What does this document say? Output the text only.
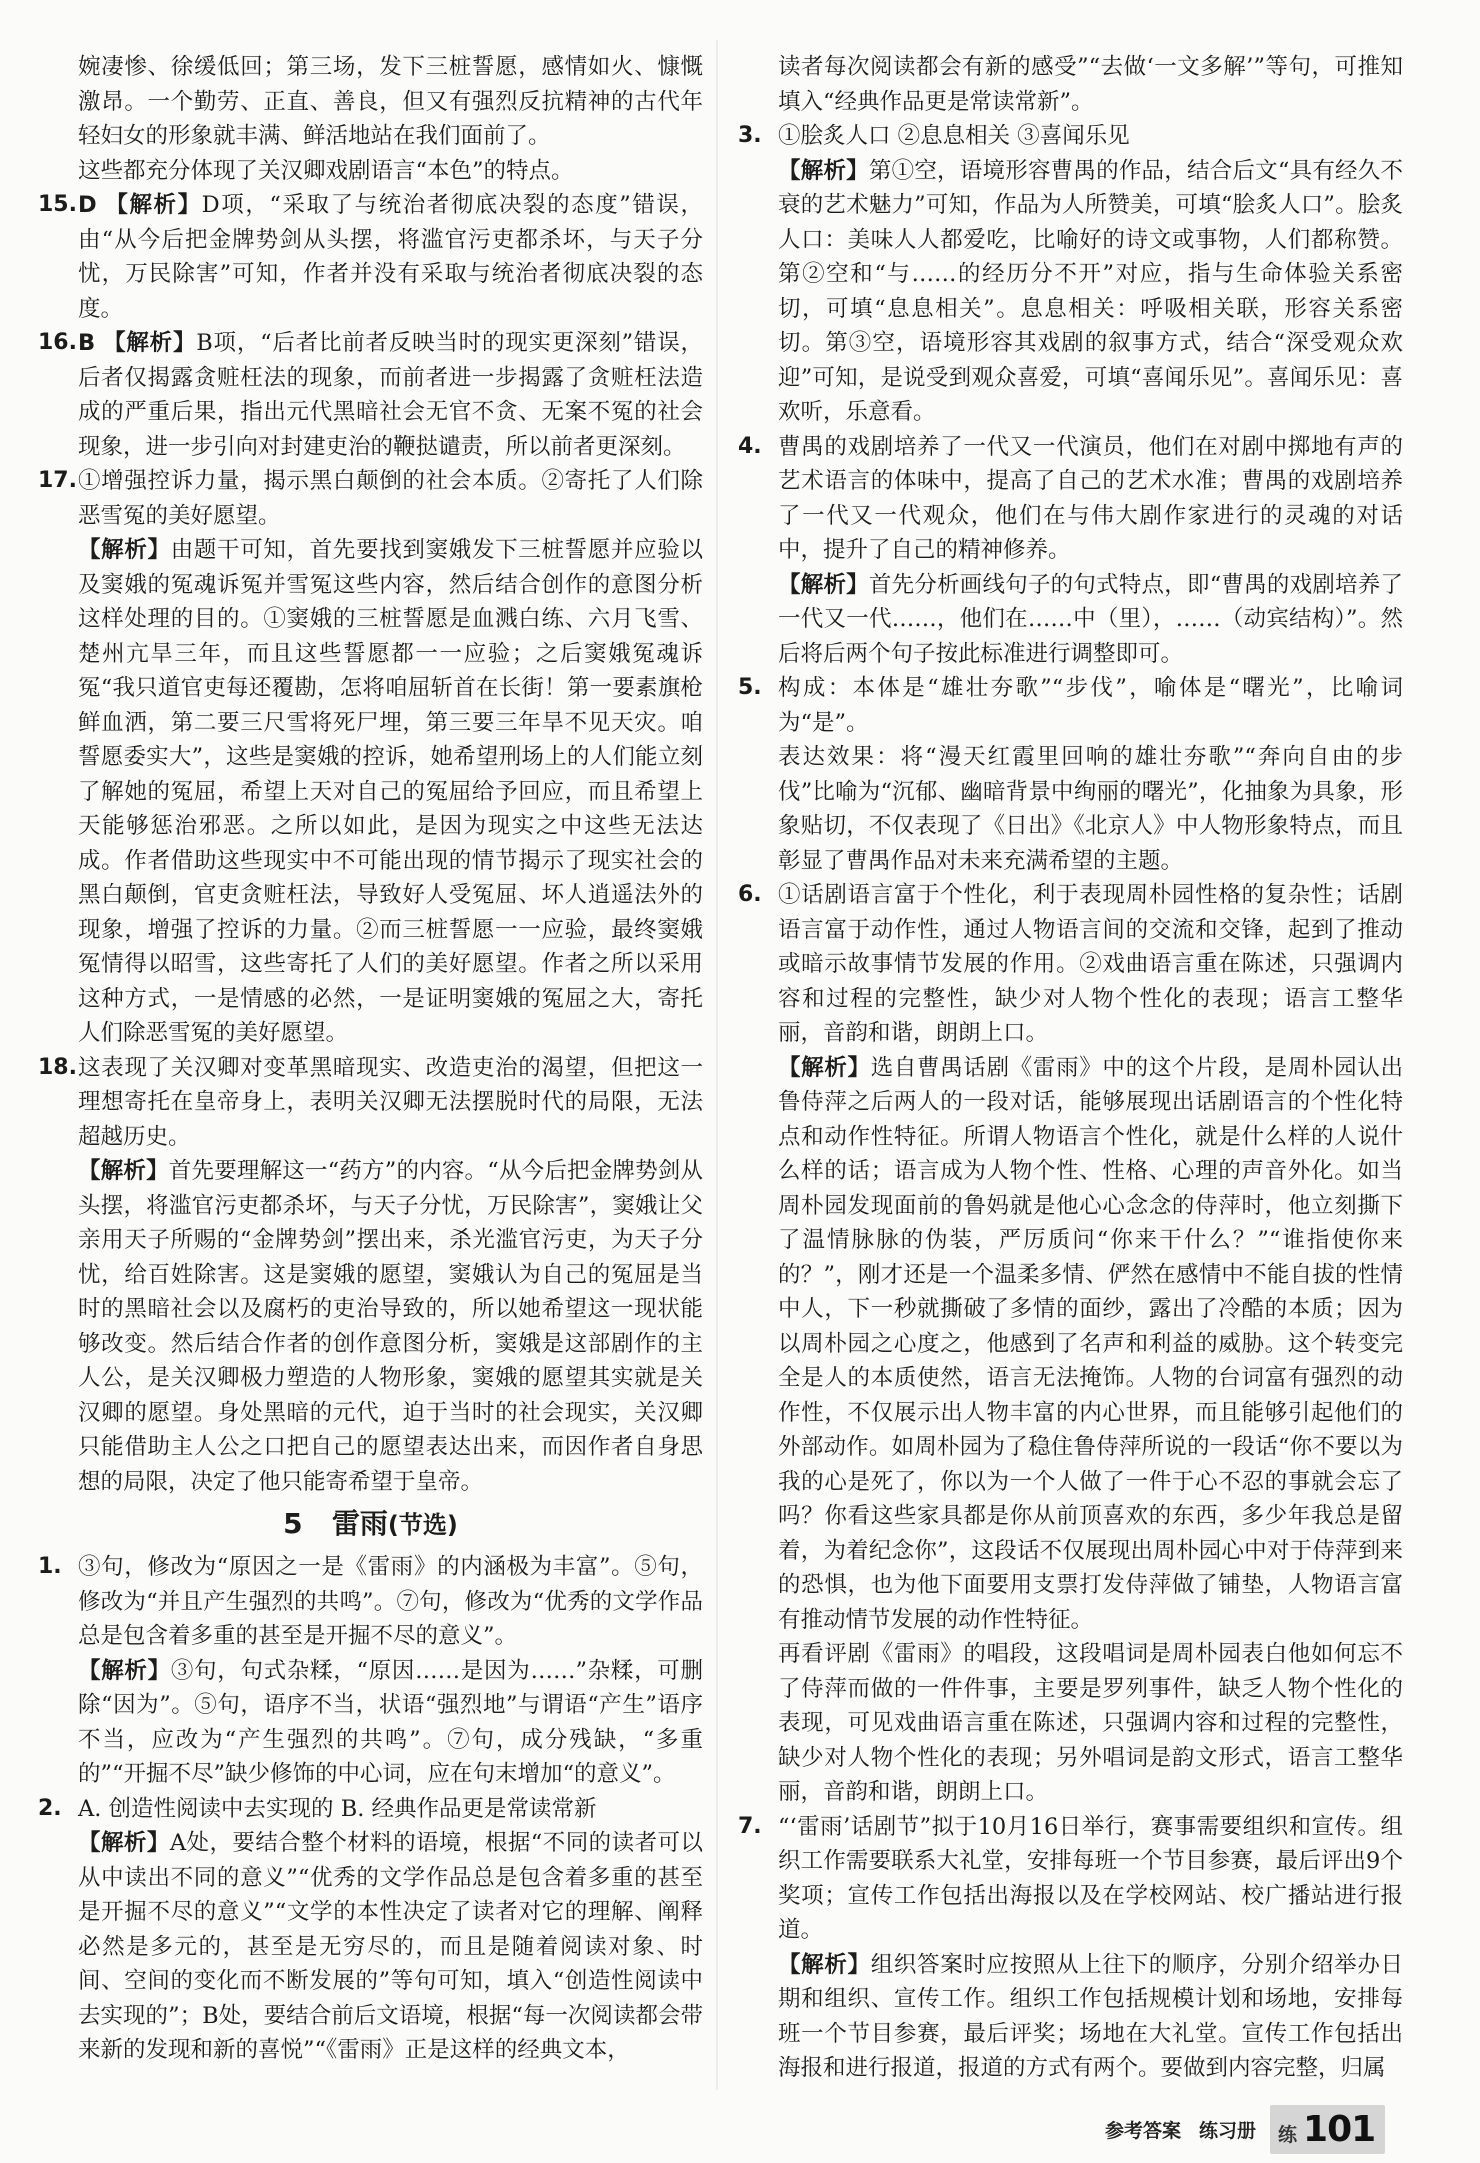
婉凄惨、徐缓低回；第三场，发下三桩誓愿，感情如火、慷慨激昂。一个勤劳、正直、善良，但又有强烈反抗精神的古代年轻妇女的形象就丰满、鲜活地站在我们面前了。

这些都充分体现了关汉卿戏剧语言“本色”的特点。

15. D 【解析】D项，“采取了与统治者彻底决裂的态度”错误，由“从今后把金牌势剑从头摆，将滥官污吏都杀坏，与天子分忧，万民除害”可知，作者并没有采取与统治者彻底决裂的态度。
16. B 【解析】B项，“后者比前者反映当时的现实更深刻”错误，后者仅揭露贪赃枉法的现象，而前者进一步揭露了贪赃枉法造成的严重后果，指出元代黑暗社会无官不贪、无案不冤的社会现象，进一步引向对封建吏治的鞭挞谴责，所以前者更深刻。
17. ①增强控诉力量，揭示黑白颠倒的社会本质。②寄托了人们除恶雪冤的美好愿望。

【解析】由题干可知，首先要找到窦娥发下三桩誓愿并应验以及窦娥的冤魂诉冤并雪冤这些内容，然后结合创作的意图分析这样处理的目的。①窦娥的三桩誓愿是血溅白练、六月飞雪、楚州亢旱三年，而且这些誓愿都一一应验；之后窦娥冤魂诉冤“我只道官吏每还覆勘，怎将咱屈斩首在长街！第一要素旗枪鲜血洒，第二要三尺雪将死尸埋，第三要三年旱不见天灾。咱誓愿委实大”，这些是窦娥的控诉，她希望刑场上的人们能立刻了解她的冤屈，希望上天对自己的冤屈给予回应，而且希望上天能够惩治邪恶。之所以如此，是因为现实之中这些无法达成。作者借助这些现实中不可能出现的情节揭示了现实社会的黑白颠倒，官吏贪赃枉法，导致好人受冤屈、坏人逍遥法外的现象，增强了控诉的力量。②而三桩誓愿一一应验，最终窦娥冤情得以昭雪，这些寄托了人们的美好愿望。作者之所以采用这种方式，一是情感的必然，一是证明窦娥的冤屈之大，寄托人们除恶雪冤的美好愿望。

18. 这表现了关汉卿对变革黑暗现实、改造吏治的渴望，但把这一理想寄托在皇帝身上，表明关汉卿无法摆脱时代的局限，无法超越历史。

【解析】首先要理解这一“药方”的内容。“从今后把金牌势剑从头摆，将滥官污吏都杀坏，与天子分忧，万民除害”，窦娥让父亲用天子所赐的“金牌势剑”摆出来，杀光滥官污吏，为天子分忧，给百姓除害。这是窦娥的愿望，窦娥认为自己的冤屈是当时的黑暗社会以及腐朽的吏治导致的，所以她希望这一现状能够改变。然后结合作者的创作意图分析，窦娥是这部剧作的主人公，是关汉卿极力塑造的人物形象，窦娥的愿望其实就是关汉卿的愿望。身处黑暗的元代，迫于当时的社会现实，关汉卿只能借助主人公之口把自己的愿望表达出来，而因作者自身思想的局限，决定了他只能寄希望于皇帝。

5 雷雨(节选)
1. ③句，修改为“原因之一是《雷雨》的内涵极为丰富”。⑤句，修改为“并且产生强烈的共鸣”。⑦句，修改为“优秀的文学作品总是包含着多重的甚至是开掘不尽的意义”。

【解析】③句，句式杂糅，“原因……是因为……”杂糅，可删除“因为”。⑤句，语序不当，状语“强烈地”与谓语“产生”语序不当，应改为“产生强烈的共鸣”。⑦句，成分残缺，“多重的”“开掘不尽”缺少修饰的中心词，应在句末增加“的意义”。

2. A. 创造性阅读中去实现的 B. 经典作品更是常读常新

【解析】A处，要结合整个材料的语境，根据“不同的读者可以从中读出不同的意义”“优秀的文学作品总是包含着多重的甚至是开掘不尽的意义”“文学的本性决定了读者对它的理解、阐释必然是多元的，甚至是无穷尽的，而且是随着阅读对象、时间、空间的变化而不断发展的”等句可知，填入“创造性阅读中去实现的”；B处，要结合前后文语境，根据“每一次阅读都会带来新的发现和新的喜悦”“《雷雨》正是这样的经典文本，

读者每次阅读都会有新的感受”“去做‘一文多解’”等句，可推知填入“经典作品更是常读常新”。

3. ①脍炙人口 ②息息相关 ③喜闻乐见

【解析】第①空，语境形容曹禺的作品，结合后文“具有经久不衰的艺术魅力”可知，作品为人所赞美，可填“脍炙人口”。脍炙人口：美味人人都爱吃，比喻好的诗文或事物，人们都称赞。第②空和“与……的经历分不开”对应，指与生命体验关系密切，可填“息息相关”。息息相关：呼吸相关联，形容关系密切。第③空，语境形容其戏剧的叙事方式，结合“深受观众欢迎”可知，是说受到观众喜爱，可填“喜闻乐见”。喜闻乐见：喜欢听，乐意看。

4. 曹禺的戏剧培养了一代又一代演员，他们在对剧中掷地有声的艺术语言的体味中，提高了自己的艺术水准；曹禺的戏剧培养了一代又一代观众，他们在与伟大剧作家进行的灵魂的对话中，提升了自己的精神修养。

【解析】首先分析画线句子的句式特点，即“曹禺的戏剧培养了一代又一代……，他们在……中（里），……（动宾结构）”。然后将后两个句子按此标准进行调整即可。

5. 构成：本体是“雄壮夯歌”“步伐”，喻体是“曙光”，比喻词为“是”。

表达效果：将“漫天红霞里回响的雄壮夯歌”“奔向自由的步伐”比喻为“沉郁、幽暗背景中绚丽的曙光”，化抽象为具象，形象贴切，不仅表现了《日出》《北京人》中人物形象特点，而且彰显了曹禺作品对未来充满希望的主题。

6. ①话剧语言富于个性化，利于表现周朴园性格的复杂性；话剧语言富于动作性，通过人物语言间的交流和交锋，起到了推动或暗示故事情节发展的作用。②戏曲语言重在陈述，只强调内容和过程的完整性，缺少对人物个性化的表现；语言工整华丽，音韵和谐，朗朗上口。

【解析】选自曹禺话剧《雷雨》中的这个片段，是周朴园认出鲁侍萍之后两人的一段对话，能够展现出话剧语言的个性化特点和动作性特征。所谓人物语言个性化，就是什么样的人说什么样的话；语言成为人物个性、性格、心理的声音外化。如当周朴园发现面前的鲁妈就是他心心念念的侍萍时，他立刻撕下了温情脉脉的伪装，严厉质问“你来干什么？”“谁指使你来的？”，刚才还是一个温柔多情、俨然在感情中不能自拔的性情中人，下一秒就撕破了多情的面纱，露出了冷酷的本质；因为以周朴园之心度之，他感到了名声和利益的威胁。这个转变完全是人的本质使然，语言无法掩饰。人物的台词富有强烈的动作性，不仅展示出人物丰富的内心世界，而且能够引起他们的外部动作。如周朴园为了稳住鲁侍萍所说的一段话“你不要以为我的心是死了，你以为一个人做了一件于心不忍的事就会忘了吗？你看这些家具都是你从前顶喜欢的东西，多少年我总是留着，为着纪念你”，这段话不仅展现出周朴园心中对于侍萍到来的恐惧，也为他下面要用支票打发侍萍做了铺垫，人物语言富有推动情节发展的动作性特征。

再看评剧《雷雨》的唱段，这段唱词是周朴园表白他如何忘不了侍萍而做的一件件事，主要是罗列事件，缺乏人物个性化的表现，可见戏曲语言重在陈述，只强调内容和过程的完整性，缺少对人物个性化的表现；另外唱词是韵文形式，语言工整华丽，音韵和谐，朗朗上口。

7. “‘雷雨’话剧节”拟于10月16日举行，赛事需要组织和宣传。组织工作需要联系大礼堂，安排每班一个节目参赛，最后评出9个奖项；宣传工作包括出海报以及在学校网站、校广播站进行报道。

【解析】组织答案时应按照从上往下的顺序，分别介绍举办日期和组织、宣传工作。组织工作包括规模计划和场地，安排每班一个节目参赛，最后评奖；场地在大礼堂。宣传工作包括出海报和进行报道，报道的方式有两个。要做到内容完整，归属

参考答案 练习册 练 101
